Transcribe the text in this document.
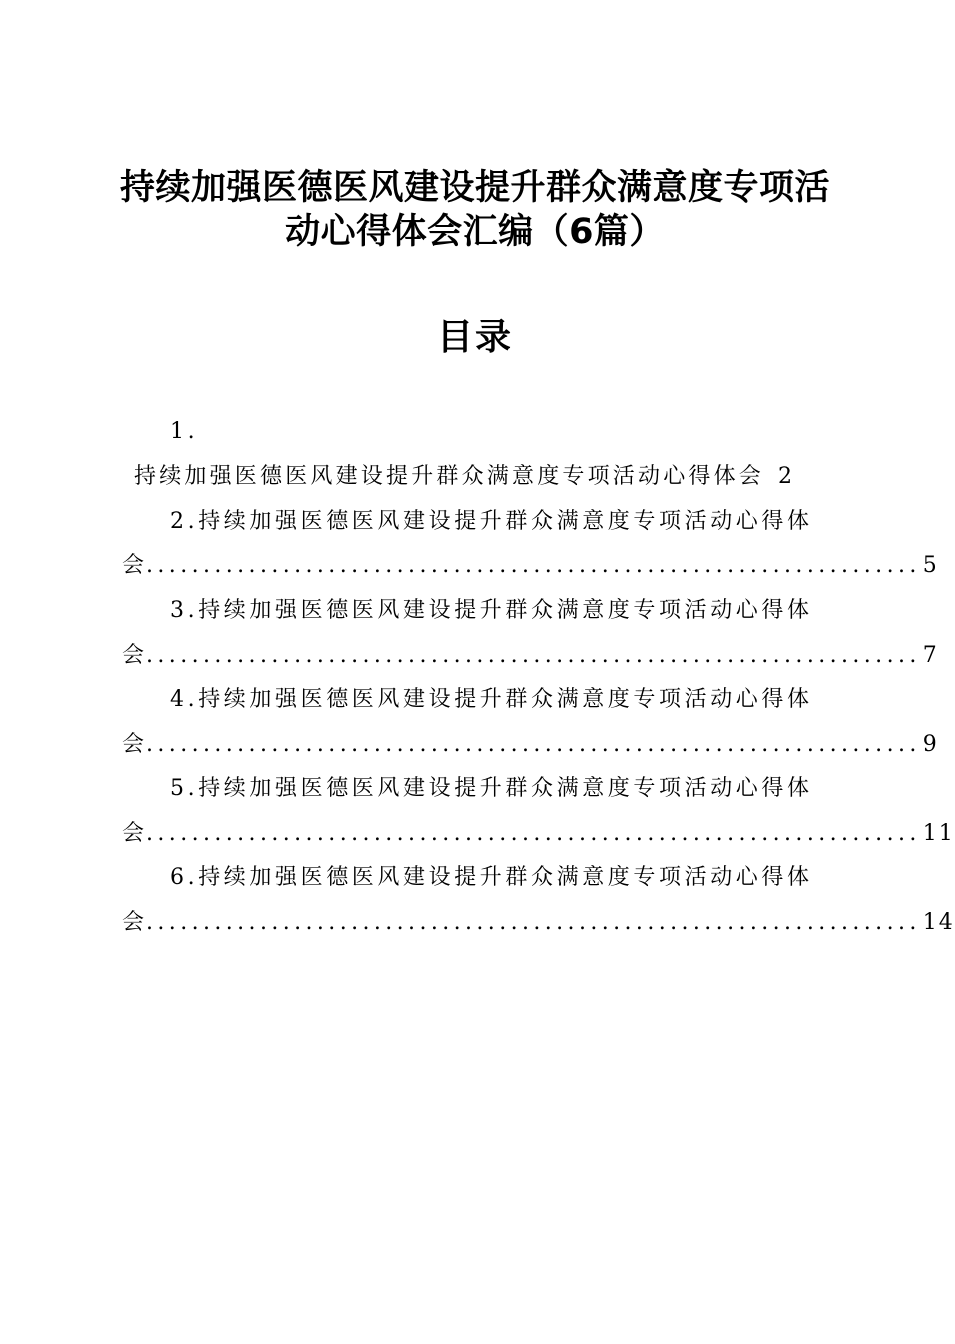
持续加强医德医风建设提升群众满意度专项活
动心得体会汇编（6篇）
目录
1.
持续加强医德医风建设提升群众满意度专项活动心得体会 2
2.持续加强医德医风建设提升群众满意度专项活动心得体
会 .................................................................... 5
3.持续加强医德医风建设提升群众满意度专项活动心得体
会 .................................................................... 7
4.持续加强医德医风建设提升群众满意度专项活动心得体
会 .................................................................... 9
5.持续加强医德医风建设提升群众满意度专项活动心得体
会 .................................................................... 11
6.持续加强医德医风建设提升群众满意度专项活动心得体
会 .................................................................... 14
